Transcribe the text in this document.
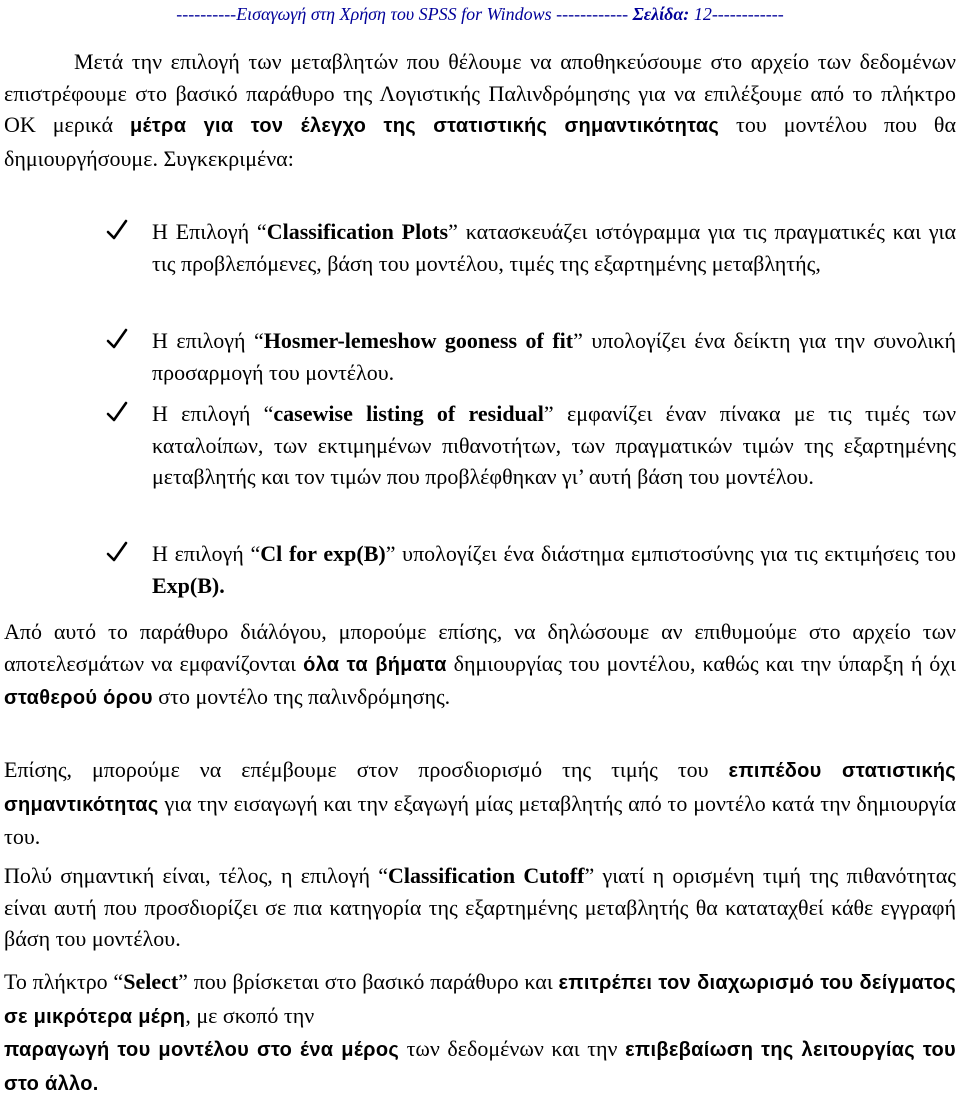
----------Εισαγωγή στη Χρήση του SPSS for Windows ------------ Σελίδα: 12------------
Μετά την επιλογή των μεταβλητών που θέλουμε να αποθηκεύσουμε στο αρχείο των δεδομένων επιστρέφουμε στο βασικό παράθυρο της Λογιστικής Παλινδρόμησης για να επιλέξουμε από το πλήκτρο ΟΚ μερικά μέτρα για τον έλεγχο της στατιστικής σημαντικότητας του μοντέλου που θα δημιουργήσουμε. Συγκεκριμένα:
Η Επιλογή “Classification Plots” κατασκευάζει ιστόγραμμα για τις πραγματικές και για τις προβλεπόμενες, βάση του μοντέλου, τιμές της εξαρτημένης μεταβλητής,
Η επιλογή “Hosmer-lemeshow gooness of fit” υπολογίζει ένα δείκτη για την συνολική προσαρμογή του μοντέλου.
Η επιλογή “casewise listing of residual” εμφανίζει έναν πίνακα με τις τιμές των καταλοίπων, των εκτιμημένων πιθανοτήτων, των πραγματικών τιμών της εξαρτημένης μεταβλητής και τον τιμών που προβλέφθηκαν γι’ αυτή βάση του μοντέλου.
Η επιλογή “Cl for exp(B)” υπολογίζει ένα διάστημα εμπιστοσύνης για τις εκτιμήσεις του Exp(B).
Από αυτό το παράθυρο διάλόγου, μπορούμε επίσης, να δηλώσουμε αν επιθυμούμε στο αρχείο των αποτελεσμάτων να εμφανίζονται όλα τα βήματα δημιουργίας του μοντέλου, καθώς και την ύπαρξη ή όχι σταθερού όρου στο μοντέλο της παλινδρόμησης.
Επίσης, μπορούμε να επέμβουμε στον προσδιορισμό της τιμής του επιπέδου στατιστικής σημαντικότητας για την εισαγωγή και την εξαγωγή μίας μεταβλητής από το μοντέλο κατά την δημιουργία του.
Πολύ σημαντική είναι, τέλος, η επιλογή “Classification Cutoff” γιατί η ορισμένη τιμή της πιθανότητας είναι αυτή που προσδιορίζει σε πια κατηγορία της εξαρτημένης μεταβλητής θα καταταχθεί κάθε εγγραφή βάση του μοντέλου.
Το πλήκτρο “Select” που βρίσκεται στο βασικό παράθυρο και επιτρέπει τον διαχωρισμό του δείγματος σε μικρότερα μέρη, με σκοπό την
παραγωγή του μοντέλου στο ένα μέρος των δεδομένων και την επιβεβαίωση της λειτουργίας του στο άλλο.
